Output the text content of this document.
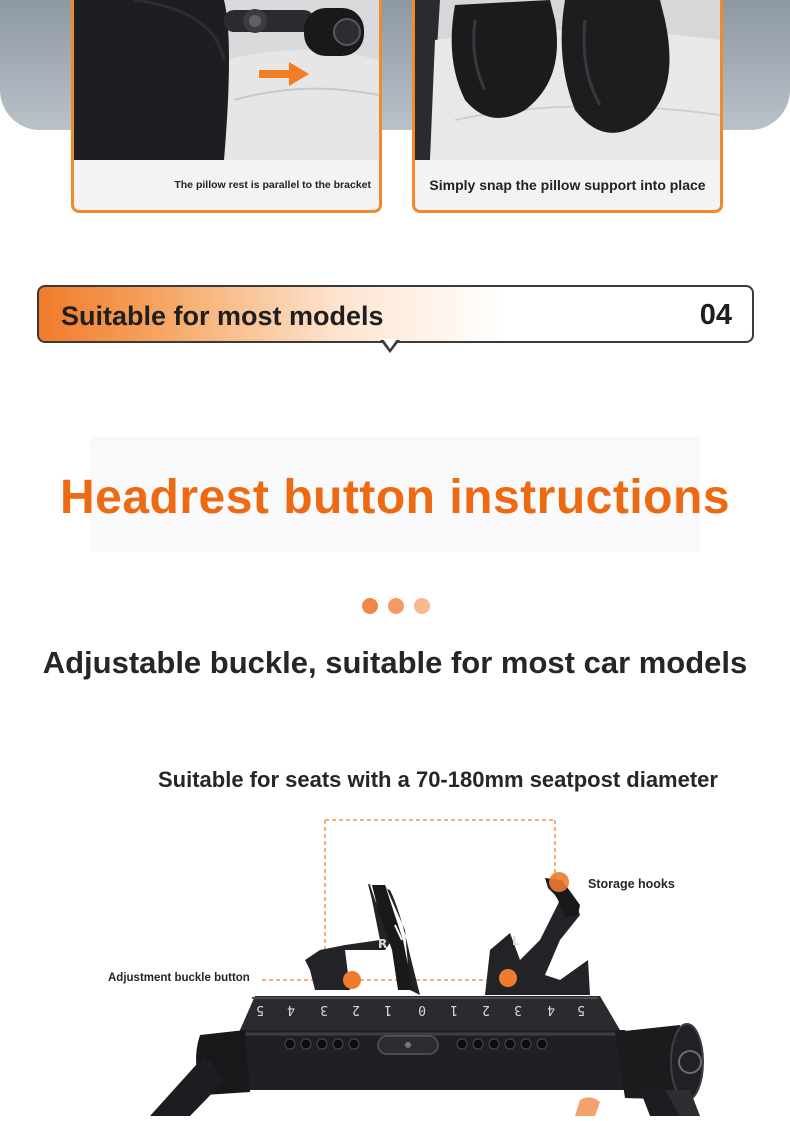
The pillow rest is parallel to the bracket	Simply snap the pillow support into place
Suitable for most models	04
Headrest button instructions
Adjustable buckle, suitable for most car models
Suitable for seats with a 70-180mm seatpost diameter
R	L
5
4
3
2
1
0
1
2
3
4
5
Storage hooks
Adjustment buckle button
